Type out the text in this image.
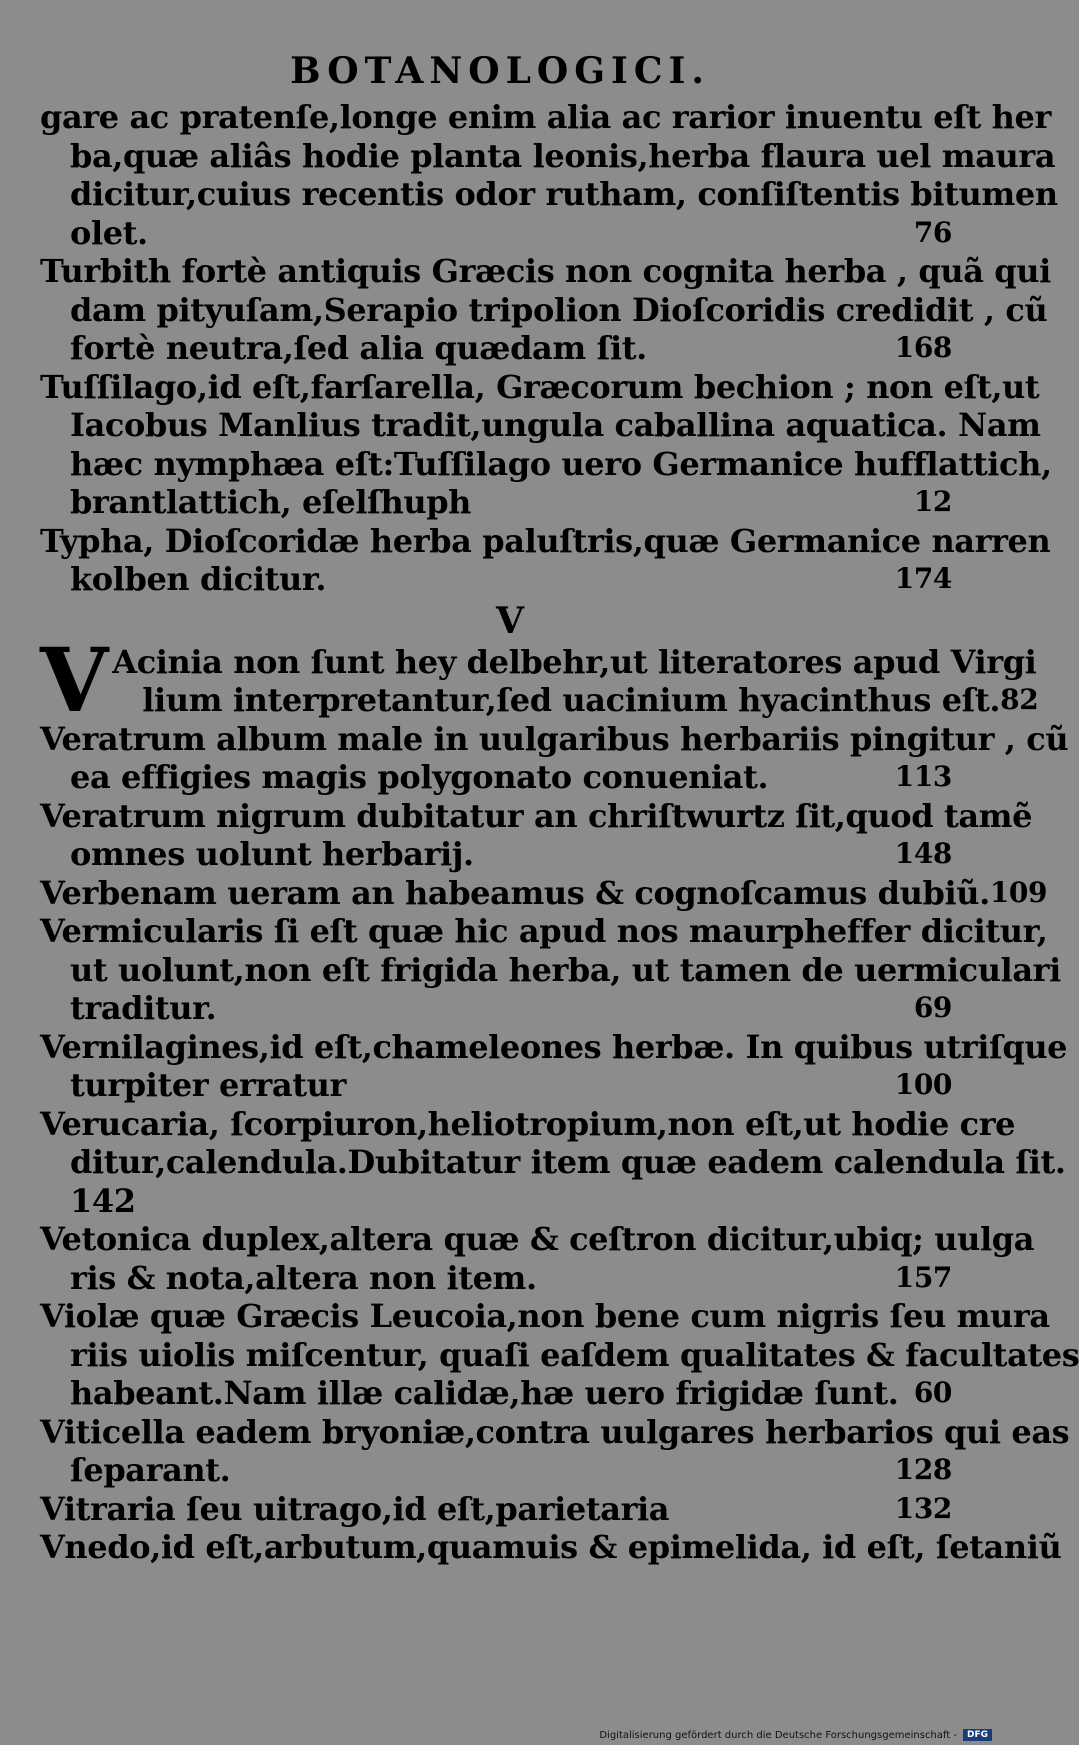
BOTANOLOGICI.
gare ac pratenſe,longe enim alia ac rarior inuentu eſt her
ba,quæ aliâs hodie planta leonis,herba flaura uel maura
dicitur,cuius recentis odor rutham, conſiſtentis bitumen
olet.	76
Turbith fortè antiquis Græcis non cognita herba , quã qui
dam pityuſam,Serapio tripolion Dioſcoridis credidit , cũ
fortè neutra,ſed alia quædam ſit.	168
Tuſſilago,id eſt,farſarella, Græcorum bechion ; non eſt,ut
Iacobus Manlius tradit,ungula caballina aquatica. Nam
hæc nymphæa eſt:Tuſſilago uero Germanice hufflattich,
brantlattich, eſelſhuph	12
Typha, Dioſcoridæ herba paluſtris,quæ Germanice narren
kolben dicitur.	174
V
V Acinia non ſunt hey delbehr,ut literatores apud Virgi
lium interpretantur,ſed uacinium hyacinthus eſt. 82
Veratrum album male in uulgaribus herbariis pingitur , cũ
ea effigies magis polygonato conueniat.	113
Veratrum nigrum dubitatur an chriſtwurtz ſit,quod tamẽ
omnes uolunt herbarij.	148
Verbenam ueram an habeamus & cognoſcamus dubiũ. 109
Vermicularis ſi eſt quæ hic apud nos maurpheffer dicitur,
ut uolunt,non eſt frigida herba, ut tamen de uermiculari
traditur.	69
Vernilagines,id eſt,chameleones herbæ. In quibus utriſque
turpiter erratur	100
Verucaria, ſcorpiuron,heliotropium,non eſt,ut hodie cre
ditur,calendula.Dubitatur item quæ eadem calendula ſit.
142
Vetonica duplex,altera quæ & ceſtron dicitur,ubiq; uulga
ris & nota,altera non item.	157
Violæ quæ Græcis Leucoia,non bene cum nigris ſeu mura
riis uiolis miſcentur, quaſi eaſdem qualitates & facultates
habeant.Nam illæ calidæ,hæ uero frigidæ ſunt. 60
Viticella eadem bryoniæ,contra uulgares herbarios qui eas
ſeparant.	128
Vitraria ſeu uitrago,id eſt,parietaria	132
Vnedo,id eſt,arbutum,quamuis & epimelida, id eſt, ſetaniũ
Digitalisierung gefördert durch die Deutsche Forschungsgemeinschaft -	DFG
